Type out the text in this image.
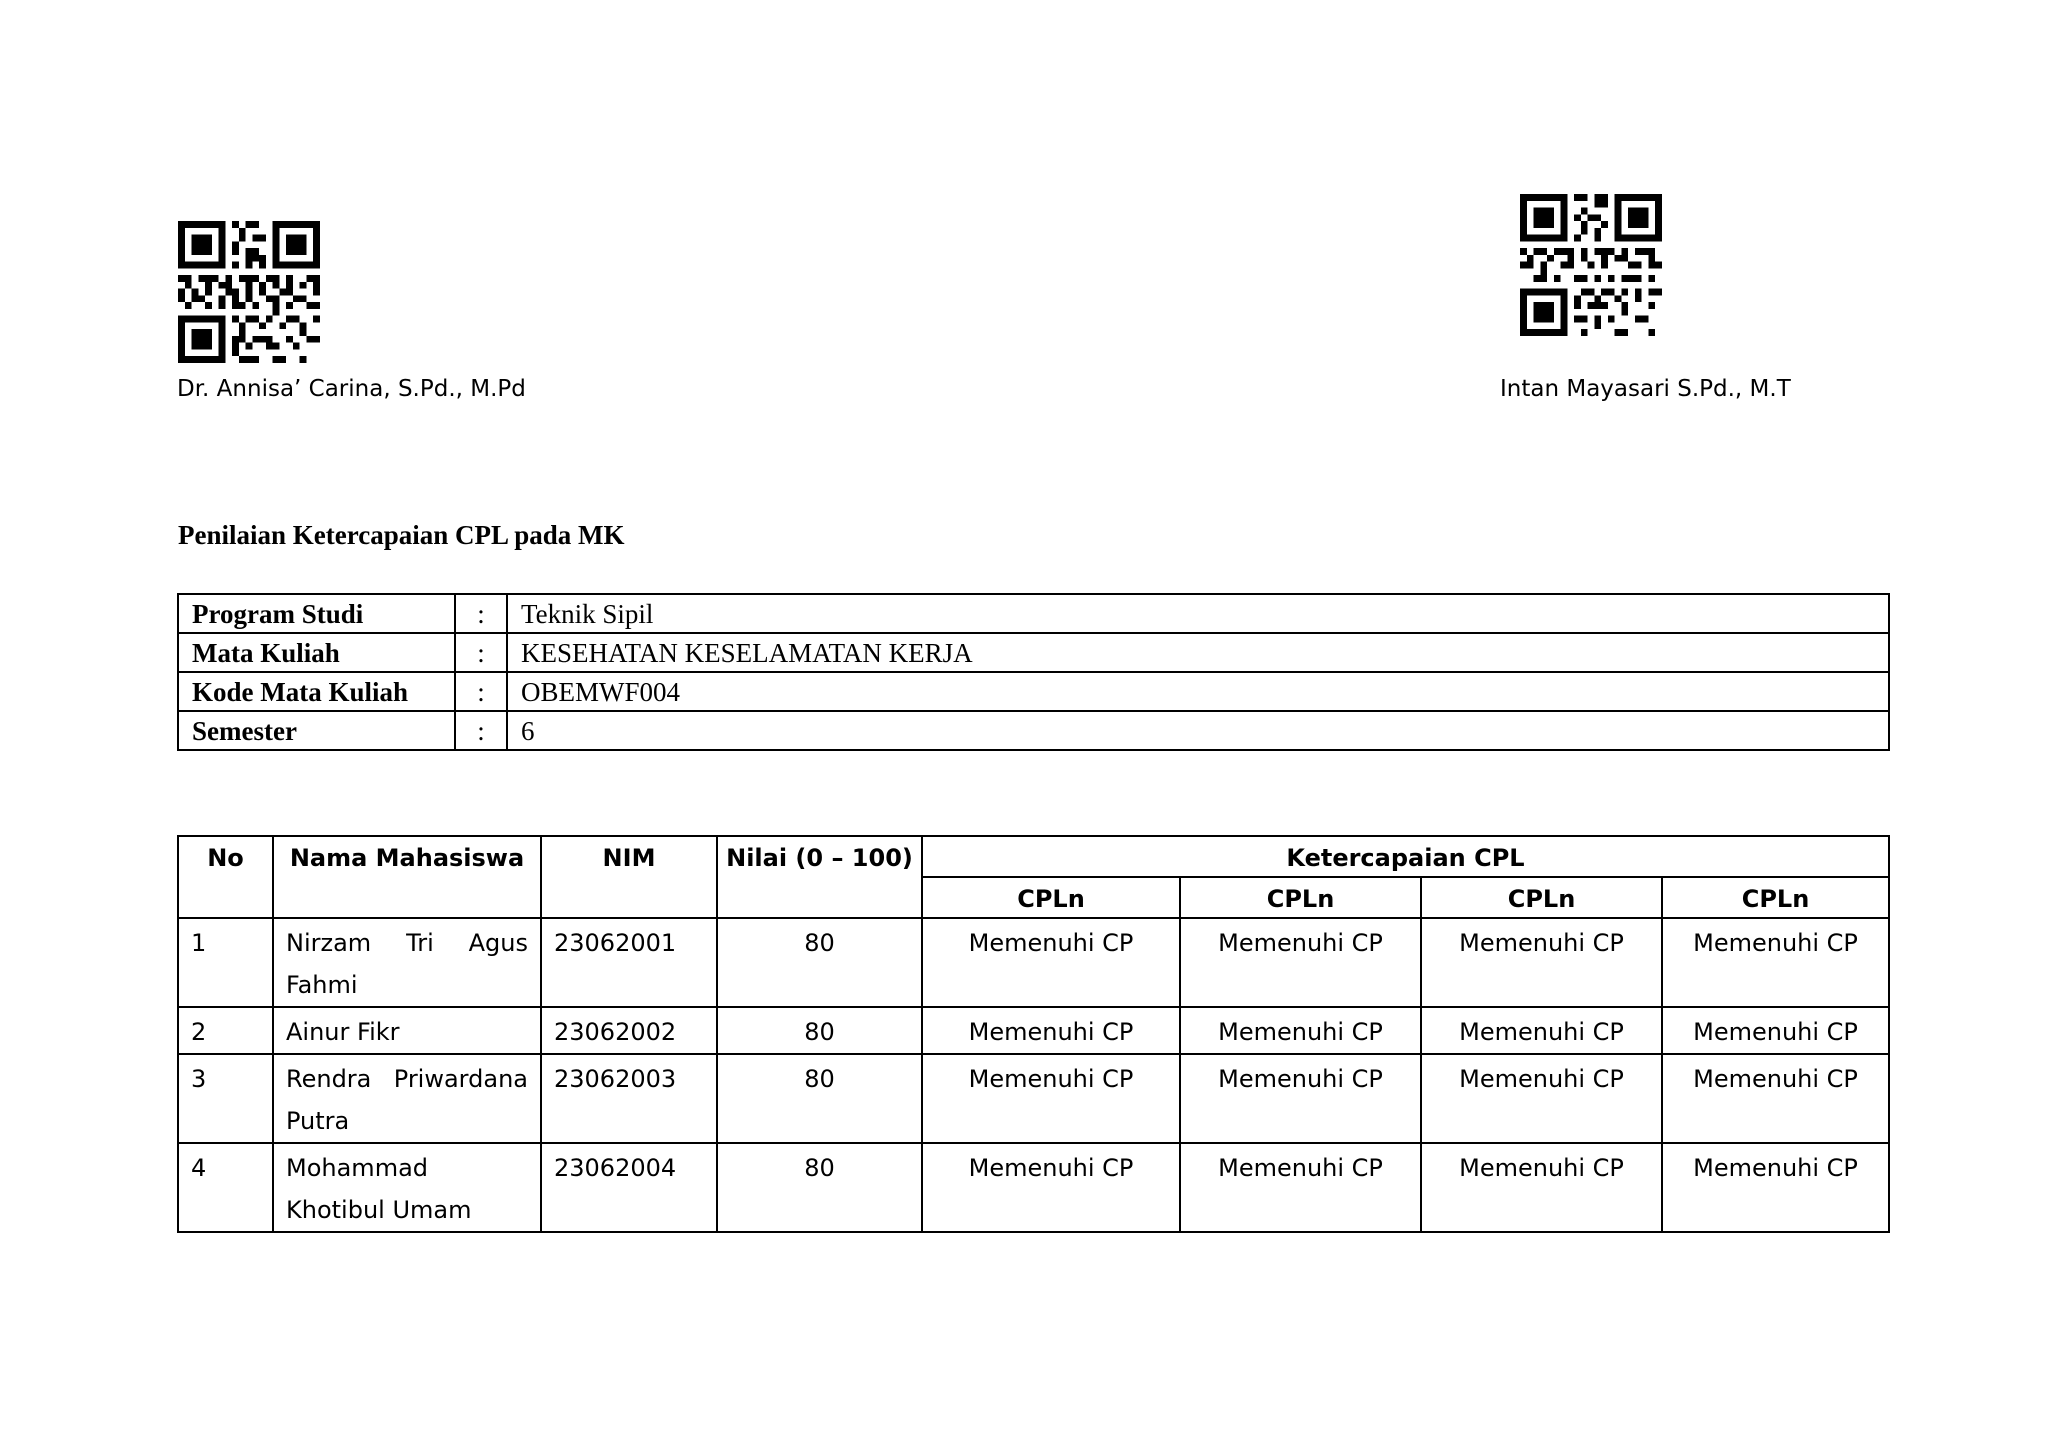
Dr. Annisa’ Carina, S.Pd., M.Pd	Intan Mayasari S.Pd., M.T
Penilaian Ketercapaian CPL pada MK
Program Studi	:	Teknik Sipil
Mata Kuliah	:	KESEHATAN KESELAMATAN KERJA
Kode Mata Kuliah	:	OBEMWF004
Semester	:	6
No	Nama Mahasiswa	NIM	Nilai (0 – 100)	Ketercapaian CPL			
				CPLn	CPLn	CPLn	CPLn
1	Nirzam Tri Agus Fahmi	23062001	80	Memenuhi CP	Memenuhi CP	Memenuhi CP	Memenuhi CP
2	Ainur Fikr	23062002	80	Memenuhi CP	Memenuhi CP	Memenuhi CP	Memenuhi CP
3	Rendra Priwardana Putra	23062003	80	Memenuhi CP	Memenuhi CP	Memenuhi CP	Memenuhi CP
4	Mohammad Khotibul Umam	23062004	80	Memenuhi CP	Memenuhi CP	Memenuhi CP	Memenuhi CP
